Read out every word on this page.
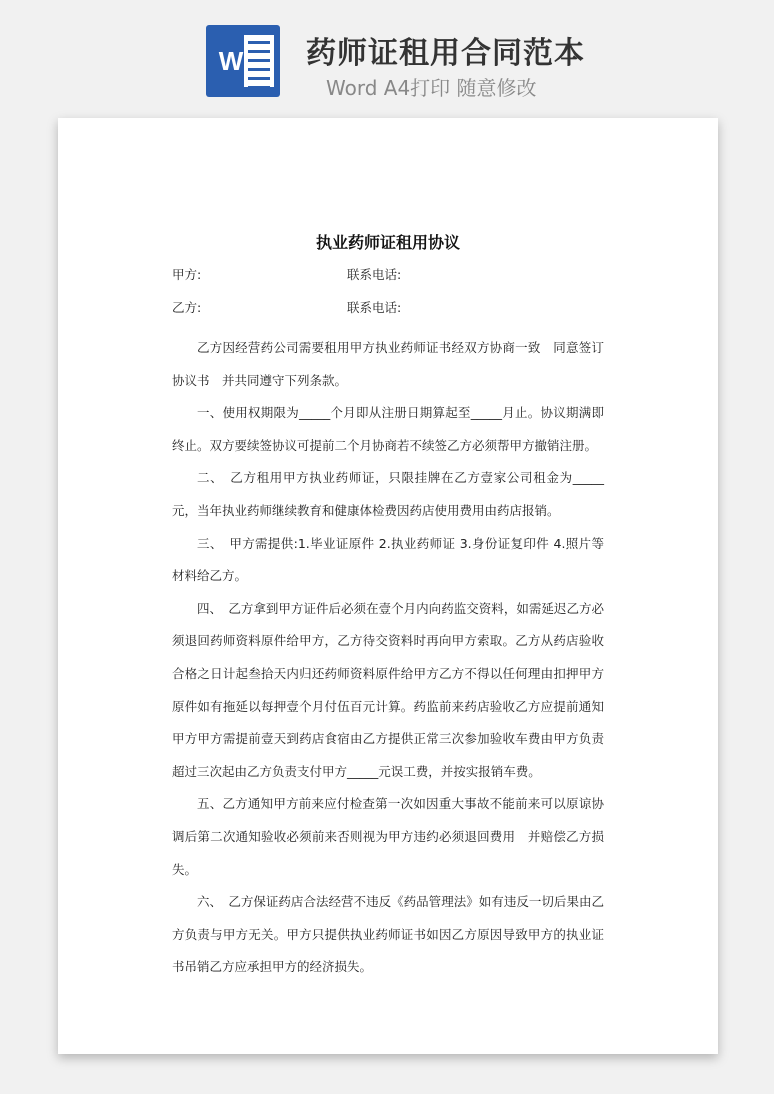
W 药师证租用合同范本
Word A4打印 随意修改
执业药师证租用协议
甲方:	联系电话:
乙方:	联系电话:

乙方因经营药公司需要租用甲方执业药师证书经双方协商一致　同意签订协议书　并共同遵守下列条款。

一、使用权期限为_____个月即从注册日期算起至_____月止。协议期满即终止。双方要续签协议可提前二个月协商若不续签乙方必须帮甲方撤销注册。

二、　乙方租用甲方执业药师证，只限挂牌在乙方壹家公司租金为_____元，当年执业药师继续教育和健康体检费因药店使用费用由药店报销。

三、　甲方需提供:1.毕业证原件 2.执业药师证 3.身份证复印件 4.照片等材料给乙方。

四、　乙方拿到甲方证件后必须在壹个月内向药监交资料，如需延迟乙方必须退回药师资料原件给甲方，乙方待交资料时再向甲方索取。乙方从药店验收合格之日计起叁拾天内归还药师资料原件给甲方乙方不得以任何理由扣押甲方原件如有拖延以每押壹个月付伍百元计算。药监前来药店验收乙方应提前通知甲方甲方需提前壹天到药店食宿由乙方提供正常三次参加验收车费由甲方负责超过三次起由乙方负责支付甲方_____元误工费，并按实报销车费。

五、乙方通知甲方前来应付检查第一次如因重大事故不能前来可以原谅协调后第二次通知验收必须前来否则视为甲方违约必须退回费用　并赔偿乙方损失。

六、　乙方保证药店合法经营不违反《药品管理法》如有违反一切后果由乙方负责与甲方无关。甲方只提供执业药师证书如因乙方原因导致甲方的执业证书吊销乙方应承担甲方的经济损失。
